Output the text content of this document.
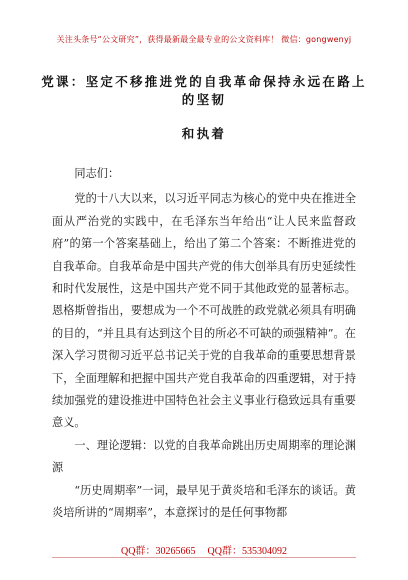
关注头条号“公文研究”，获得最新最全最专业的公文资料库！ 微信：gongwenyj
党课：坚定不移推进党的自我革命保持永远在路上的坚韧
和执着

同志们：

党的十八大以来，以习近平同志为核心的党中央在推进全面从严治党的实践中，在毛泽东当年给出“让人民来监督政府”的第一个答案基础上，给出了第二个答案：不断推进党的自我革命。自我革命是中国共产党的伟大创举具有历史延续性和时代发展性，这是中国共产党不同于其他政党的显著标志。恩格斯曾指出，要想成为一个不可战胜的政党就必须具有明确的目的，“并且具有达到这个目的所必不可缺的顽强精神”。在深入学习贯彻习近平总书记关于党的自我革命的重要思想背景下，全面理解和把握中国共产党自我革命的四重逻辑，对于持续加强党的建设推进中国特色社会主义事业行稳致远具有重要意义。

一、理论逻辑：以党的自我革命跳出历史周期率的理论渊源

“历史周期率”一词，最早见于黄炎培和毛泽东的谈话。黄炎培所讲的“周期率”，本意探讨的是任何事物都

QQ群：30265665 QQ群：535304092
